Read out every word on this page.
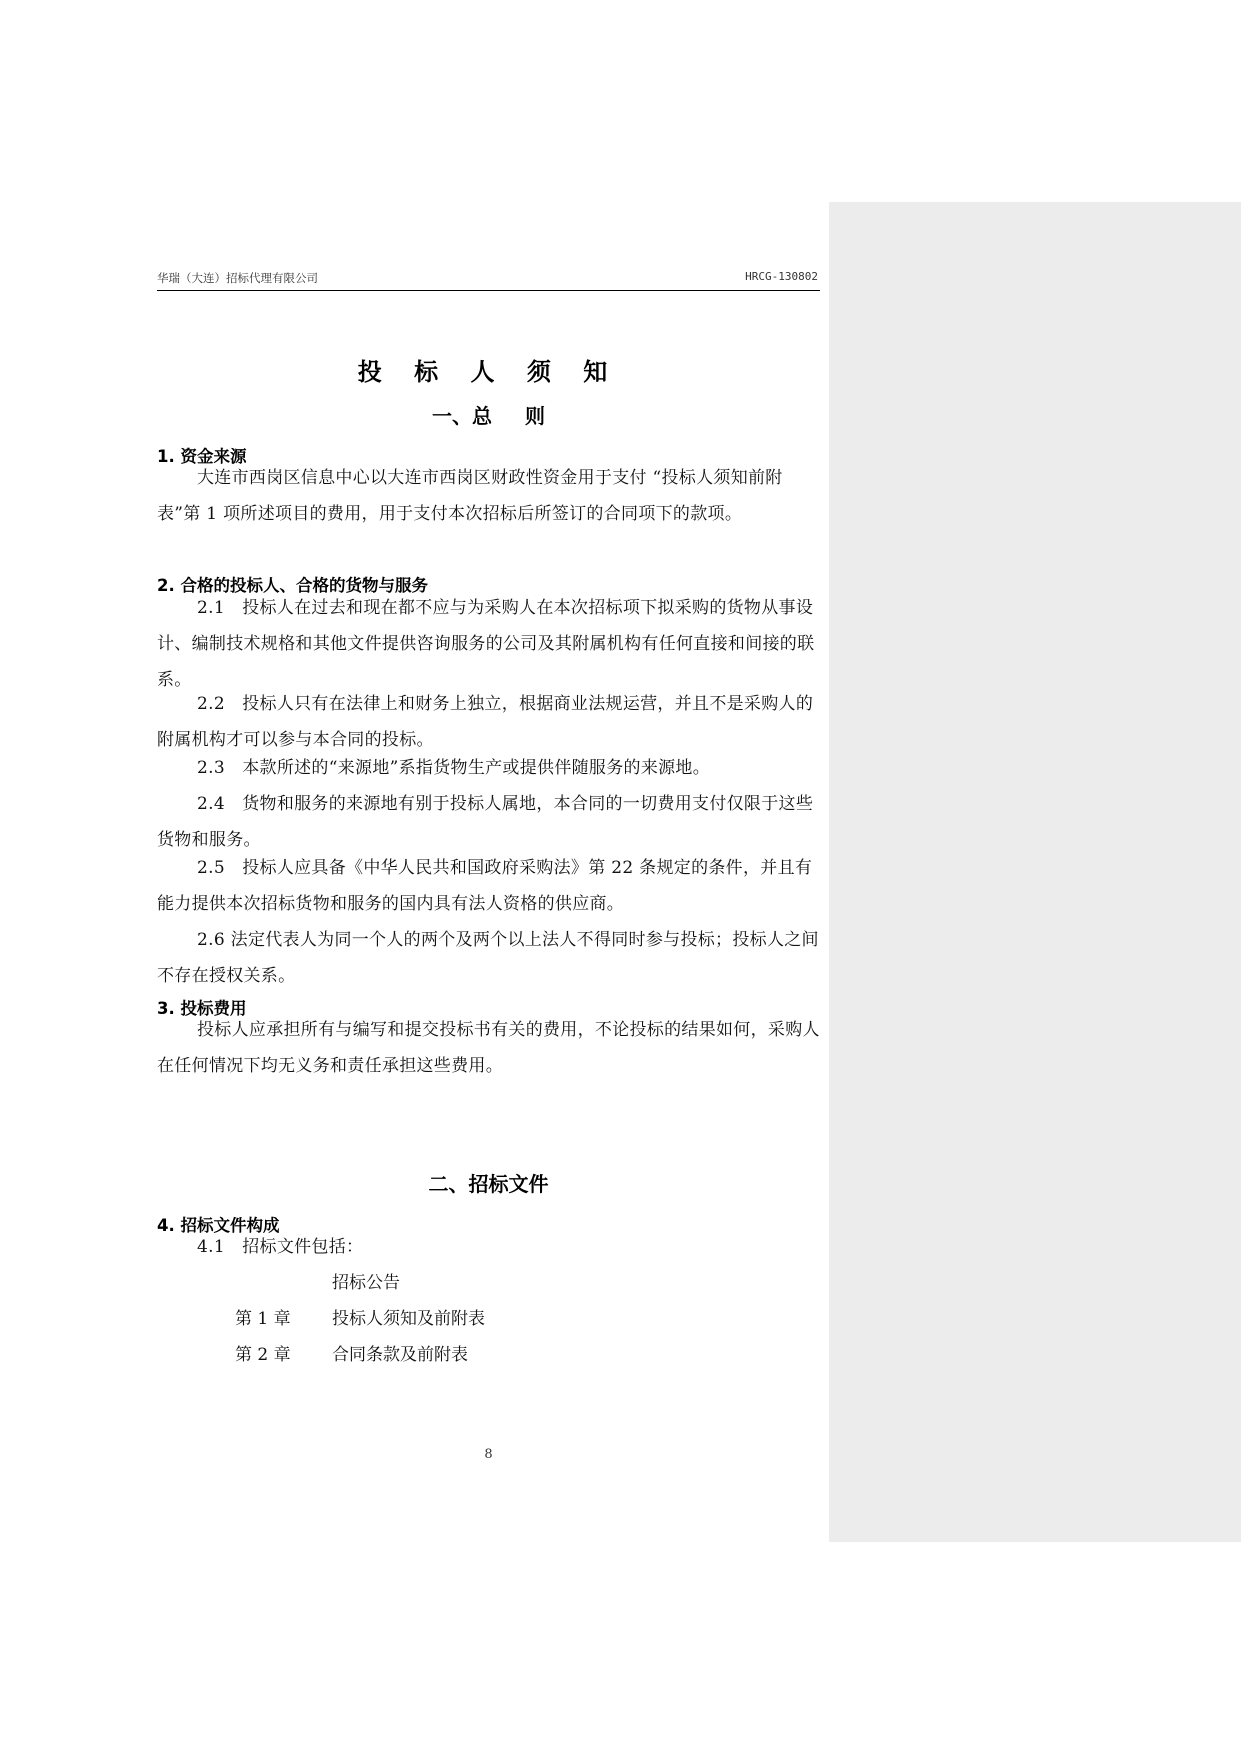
华瑞（大连）招标代理有限公司	HRCG-130802
投 标 人 须 知
一、总 则
1. 资金来源
大连市西岗区信息中心以大连市西岗区财政性资金用于支付 “投标人须知前附表”第 1 项所述项目的费用，用于支付本次招标后所签订的合同项下的款项。
2. 合格的投标人、合格的货物与服务
2.1　投标人在过去和现在都不应与为采购人在本次招标项下拟采购的货物从事设计、编制技术规格和其他文件提供咨询服务的公司及其附属机构有任何直接和间接的联系。
2.2　投标人只有在法律上和财务上独立，根据商业法规运营，并且不是采购人的附属机构才可以参与本合同的投标。
2.3　本款所述的“来源地”系指货物生产或提供伴随服务的来源地。
2.4　货物和服务的来源地有别于投标人属地，本合同的一切费用支付仅限于这些货物和服务。
2.5　投标人应具备《中华人民共和国政府采购法》第 22 条规定的条件，并且有能力提供本次招标货物和服务的国内具有法人资格的供应商。
2.6 法定代表人为同一个人的两个及两个以上法人不得同时参与投标；投标人之间不存在授权关系。
3. 投标费用
投标人应承担所有与编写和提交投标书有关的费用，不论投标的结果如何，采购人在任何情况下均无义务和责任承担这些费用。
二、招标文件
4. 招标文件构成
4.1　招标文件包括：
招标公告
第 1 章 投标人须知及前附表
第 2 章 合同条款及前附表
8
